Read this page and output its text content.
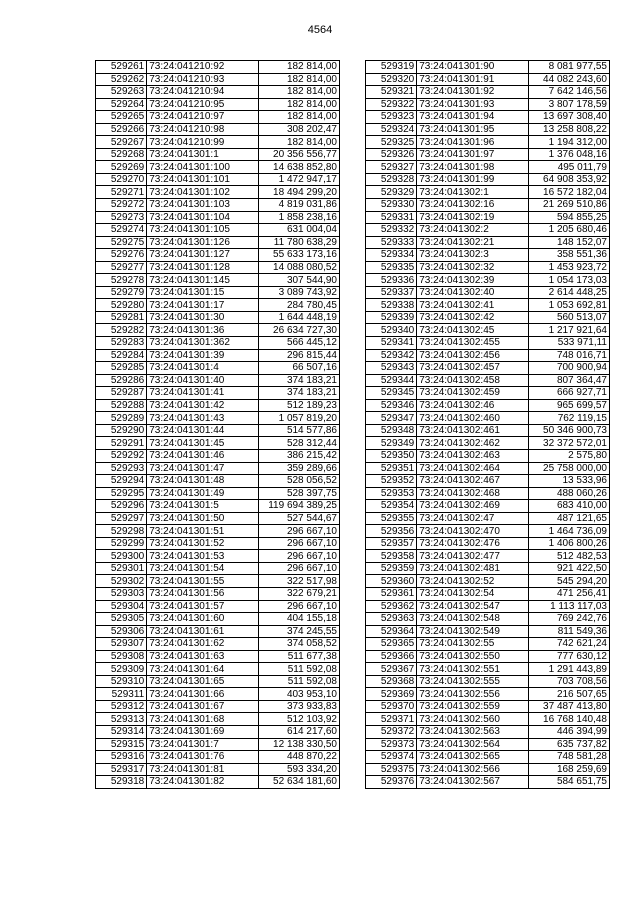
4564
529261	73:24:041210:92	182 814,00
529262	73:24:041210:93	182 814,00
529263	73:24:041210:94	182 814,00
529264	73:24:041210:95	182 814,00
529265	73:24:041210:97	182 814,00
529266	73:24:041210:98	308 202,47
529267	73:24:041210:99	182 814,00
529268	73:24:041301:1	20 356 556,77
529269	73:24:041301:100	14 638 852,80
529270	73:24:041301:101	1 472 947,17
529271	73:24:041301:102	18 494 299,20
529272	73:24:041301:103	4 819 031,86
529273	73:24:041301:104	1 858 238,16
529274	73:24:041301:105	631 004,04
529275	73:24:041301:126	11 780 638,29
529276	73:24:041301:127	55 633 173,16
529277	73:24:041301:128	14 088 080,52
529278	73:24:041301:145	307 544,90
529279	73:24:041301:15	3 089 743,92
529280	73:24:041301:17	284 780,45
529281	73:24:041301:30	1 644 448,19
529282	73:24:041301:36	26 634 727,30
529283	73:24:041301:362	566 445,12
529284	73:24:041301:39	296 815,44
529285	73:24:041301:4	66 507,16
529286	73:24:041301:40	374 183,21
529287	73:24:041301:41	374 183,21
529288	73:24:041301:42	512 189,23
529289	73:24:041301:43	1 057 819,20
529290	73:24:041301:44	514 577,86
529291	73:24:041301:45	528 312,44
529292	73:24:041301:46	386 215,42
529293	73:24:041301:47	359 289,66
529294	73:24:041301:48	528 056,52
529295	73:24:041301:49	528 397,75
529296	73:24:041301:5	119 694 389,25
529297	73:24:041301:50	527 544,67
529298	73:24:041301:51	296 667,10
529299	73:24:041301:52	296 667,10
529300	73:24:041301:53	296 667,10
529301	73:24:041301:54	296 667,10
529302	73:24:041301:55	322 517,98
529303	73:24:041301:56	322 679,21
529304	73:24:041301:57	296 667,10
529305	73:24:041301:60	404 155,18
529306	73:24:041301:61	374 245,55
529307	73:24:041301:62	374 058,52
529308	73:24:041301:63	511 677,38
529309	73:24:041301:64	511 592,08
529310	73:24:041301:65	511 592,08
529311	73:24:041301:66	403 953,10
529312	73:24:041301:67	373 933,83
529313	73:24:041301:68	512 103,92
529314	73:24:041301:69	614 217,60
529315	73:24:041301:7	12 138 330,50
529316	73:24:041301:76	448 870,22
529317	73:24:041301:81	593 334,20
529318	73:24:041301:82	52 634 181,60
529319	73:24:041301:90	8 081 977,55
529320	73:24:041301:91	44 082 243,60
529321	73:24:041301:92	7 642 146,56
529322	73:24:041301:93	3 807 178,59
529323	73:24:041301:94	13 697 308,40
529324	73:24:041301:95	13 258 808,22
529325	73:24:041301:96	1 194 312,00
529326	73:24:041301:97	1 376 048,16
529327	73:24:041301:98	495 011,79
529328	73:24:041301:99	64 908 353,92
529329	73:24:041302:1	16 572 182,04
529330	73:24:041302:16	21 269 510,86
529331	73:24:041302:19	594 855,25
529332	73:24:041302:2	1 205 680,46
529333	73:24:041302:21	148 152,07
529334	73:24:041302:3	358 551,36
529335	73:24:041302:32	1 453 923,72
529336	73:24:041302:39	1 054 173,03
529337	73:24:041302:40	2 614 448,25
529338	73:24:041302:41	1 053 692,81
529339	73:24:041302:42	560 513,07
529340	73:24:041302:45	1 217 921,64
529341	73:24:041302:455	533 971,11
529342	73:24:041302:456	748 016,71
529343	73:24:041302:457	700 900,94
529344	73:24:041302:458	807 364,47
529345	73:24:041302:459	666 927,71
529346	73:24:041302:46	965 699,57
529347	73:24:041302:460	762 119,15
529348	73:24:041302:461	50 346 900,73
529349	73:24:041302:462	32 372 572,01
529350	73:24:041302:463	2 575,80
529351	73:24:041302:464	25 758 000,00
529352	73:24:041302:467	13 533,96
529353	73:24:041302:468	488 060,26
529354	73:24:041302:469	683 410,00
529355	73:24:041302:47	487 121,65
529356	73:24:041302:470	1 464 736,09
529357	73:24:041302:476	1 406 800,26
529358	73:24:041302:477	512 482,53
529359	73:24:041302:481	921 422,50
529360	73:24:041302:52	545 294,20
529361	73:24:041302:54	471 256,41
529362	73:24:041302:547	1 113 117,03
529363	73:24:041302:548	769 242,76
529364	73:24:041302:549	811 549,36
529365	73:24:041302:55	742 621,24
529366	73:24:041302:550	777 630,12
529367	73:24:041302:551	1 291 443,89
529368	73:24:041302:555	703 708,56
529369	73:24:041302:556	216 507,65
529370	73:24:041302:559	37 487 413,80
529371	73:24:041302:560	16 768 140,48
529372	73:24:041302:563	446 394,99
529373	73:24:041302:564	635 737,82
529374	73:24:041302:565	748 581,28
529375	73:24:041302:566	168 259,69
529376	73:24:041302:567	584 651,75
